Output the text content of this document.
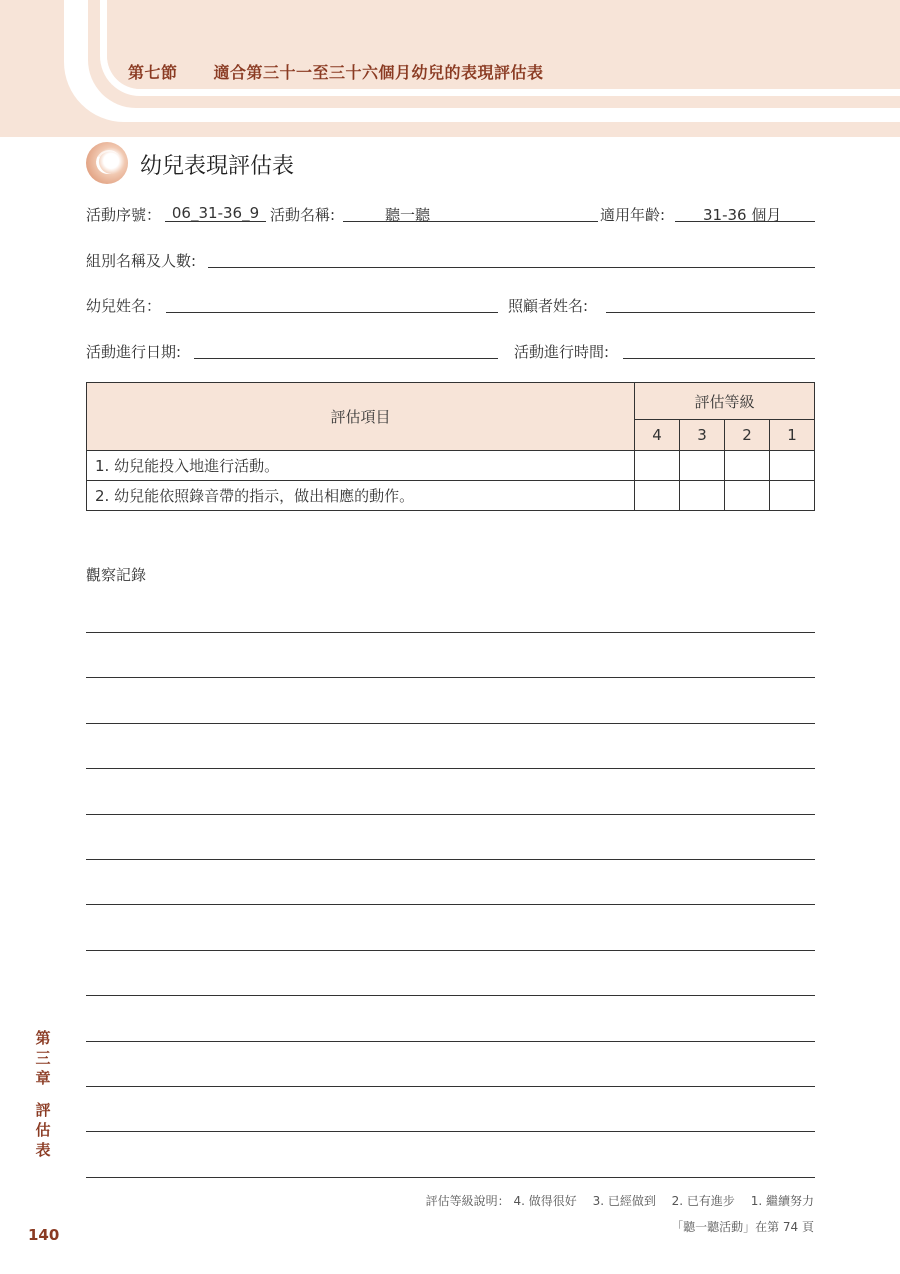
第七節 適合第三十一至三十六個月幼兒的表現評估表
幼兒表現評估表
活動序號： 06_31-36_9 活動名稱:	聽一聽	適用年齡:	31-36 個月
組別名稱及人數:
幼兒姓名：	照顧者姓名:
活動進行日期:	活動進行時間:
評估項目	評估等級			
	4	3	2	1
1. 幼兒能投入地進行活動。				
2. 幼兒能依照錄音帶的指示，做出相應的動作。				
觀察記錄
第三章
評估表
140
評估等級說明： 4. 做得很好　 3. 已經做到　 2. 已有進步　 1. 繼續努力
「聽一聽活動」在第 74 頁
